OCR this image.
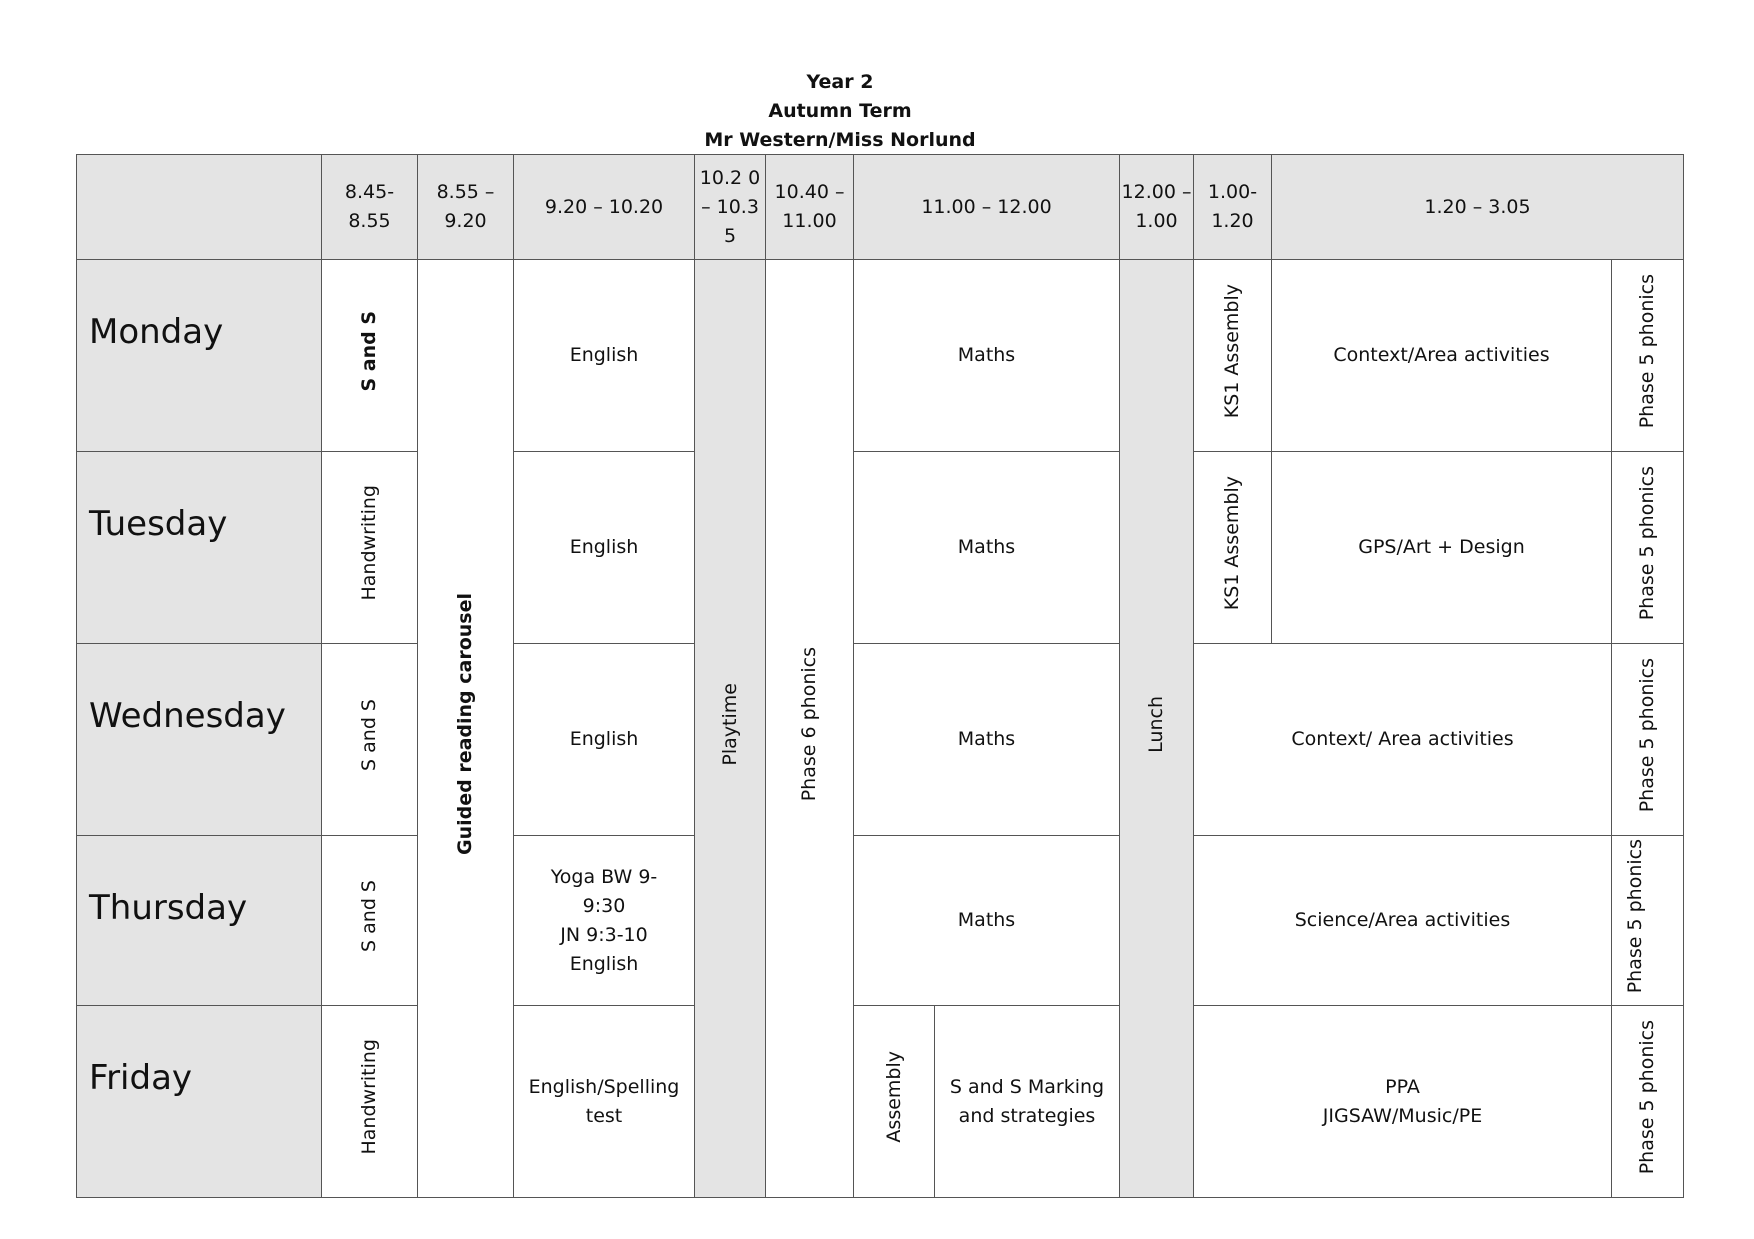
Year 2
Autumn Term
Mr Western/Miss Norlund
	8.45- 8.55	8.55 – 9.20	9.20 – 10.20	10.2 0 – 10.3 5	10.40 – 11.00	11.00 – 12.00		12.00 – 1.00	1.00- 1.20	1.20 – 3.05	

Monday	S and S	Guided reading carousel	English	Playtime	Phase 6 phonics	Maths		Lunch	KS1 Assembly	Context/Area activities	Phase 5 phonics

Tuesday	Handwriting		English			Maths			KS1 Assembly	GPS/Art + Design	Phase 5 phonics

Wednesday	S and S		English			Maths			Context/ Area activities		Phase 5 phonics

Thursday	S and S		Yoga BW 9-
9:30
JN 9:3-10
English			Maths			Science/Area activities		Phase 5 phonics

Friday	Handwriting		English/Spelling
test			Assembly	S and S Marking
and strategies		PPA
JIGSAW/Music/PE		Phase 5 phonics
